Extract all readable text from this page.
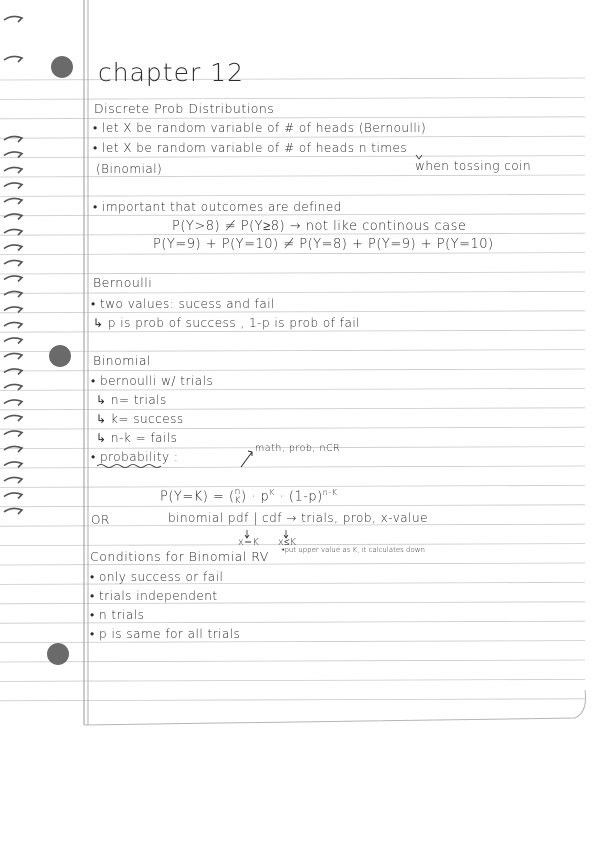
chapter 12
Discrete Prob Distributions
• let X be random variable of # of heads (Bernoulli)
• let X be random variable of # of heads n times
when tossing coin
(Binomial)
• important that outcomes are defined
P(Y>8) ≠ P(Y≥8) → not like continous case
P(Y=9) + P(Y=10) ≠ P(Y=8) + P(Y=9) + P(Y=10)
Bernoulli
• two values: sucess and fail
↳ p is prob of success , 1-p is prob of fail
Binomial
• bernoulli w/ trials
↳ n= trials
↳ k= success
↳ n-k = fails
• probability :
math, prob, nCR
P(Y=K) = (n
$K) \cdot p^K \cdot (1-p)^{n-K}$
OR	binomial pdf | cdf → trials, prob, x-value
x=K x≤K
•put upper value as K, it calculates down
Conditions for Binomial RV
• only success or fail
• trials independent
• n trials
• p is same for all trials
